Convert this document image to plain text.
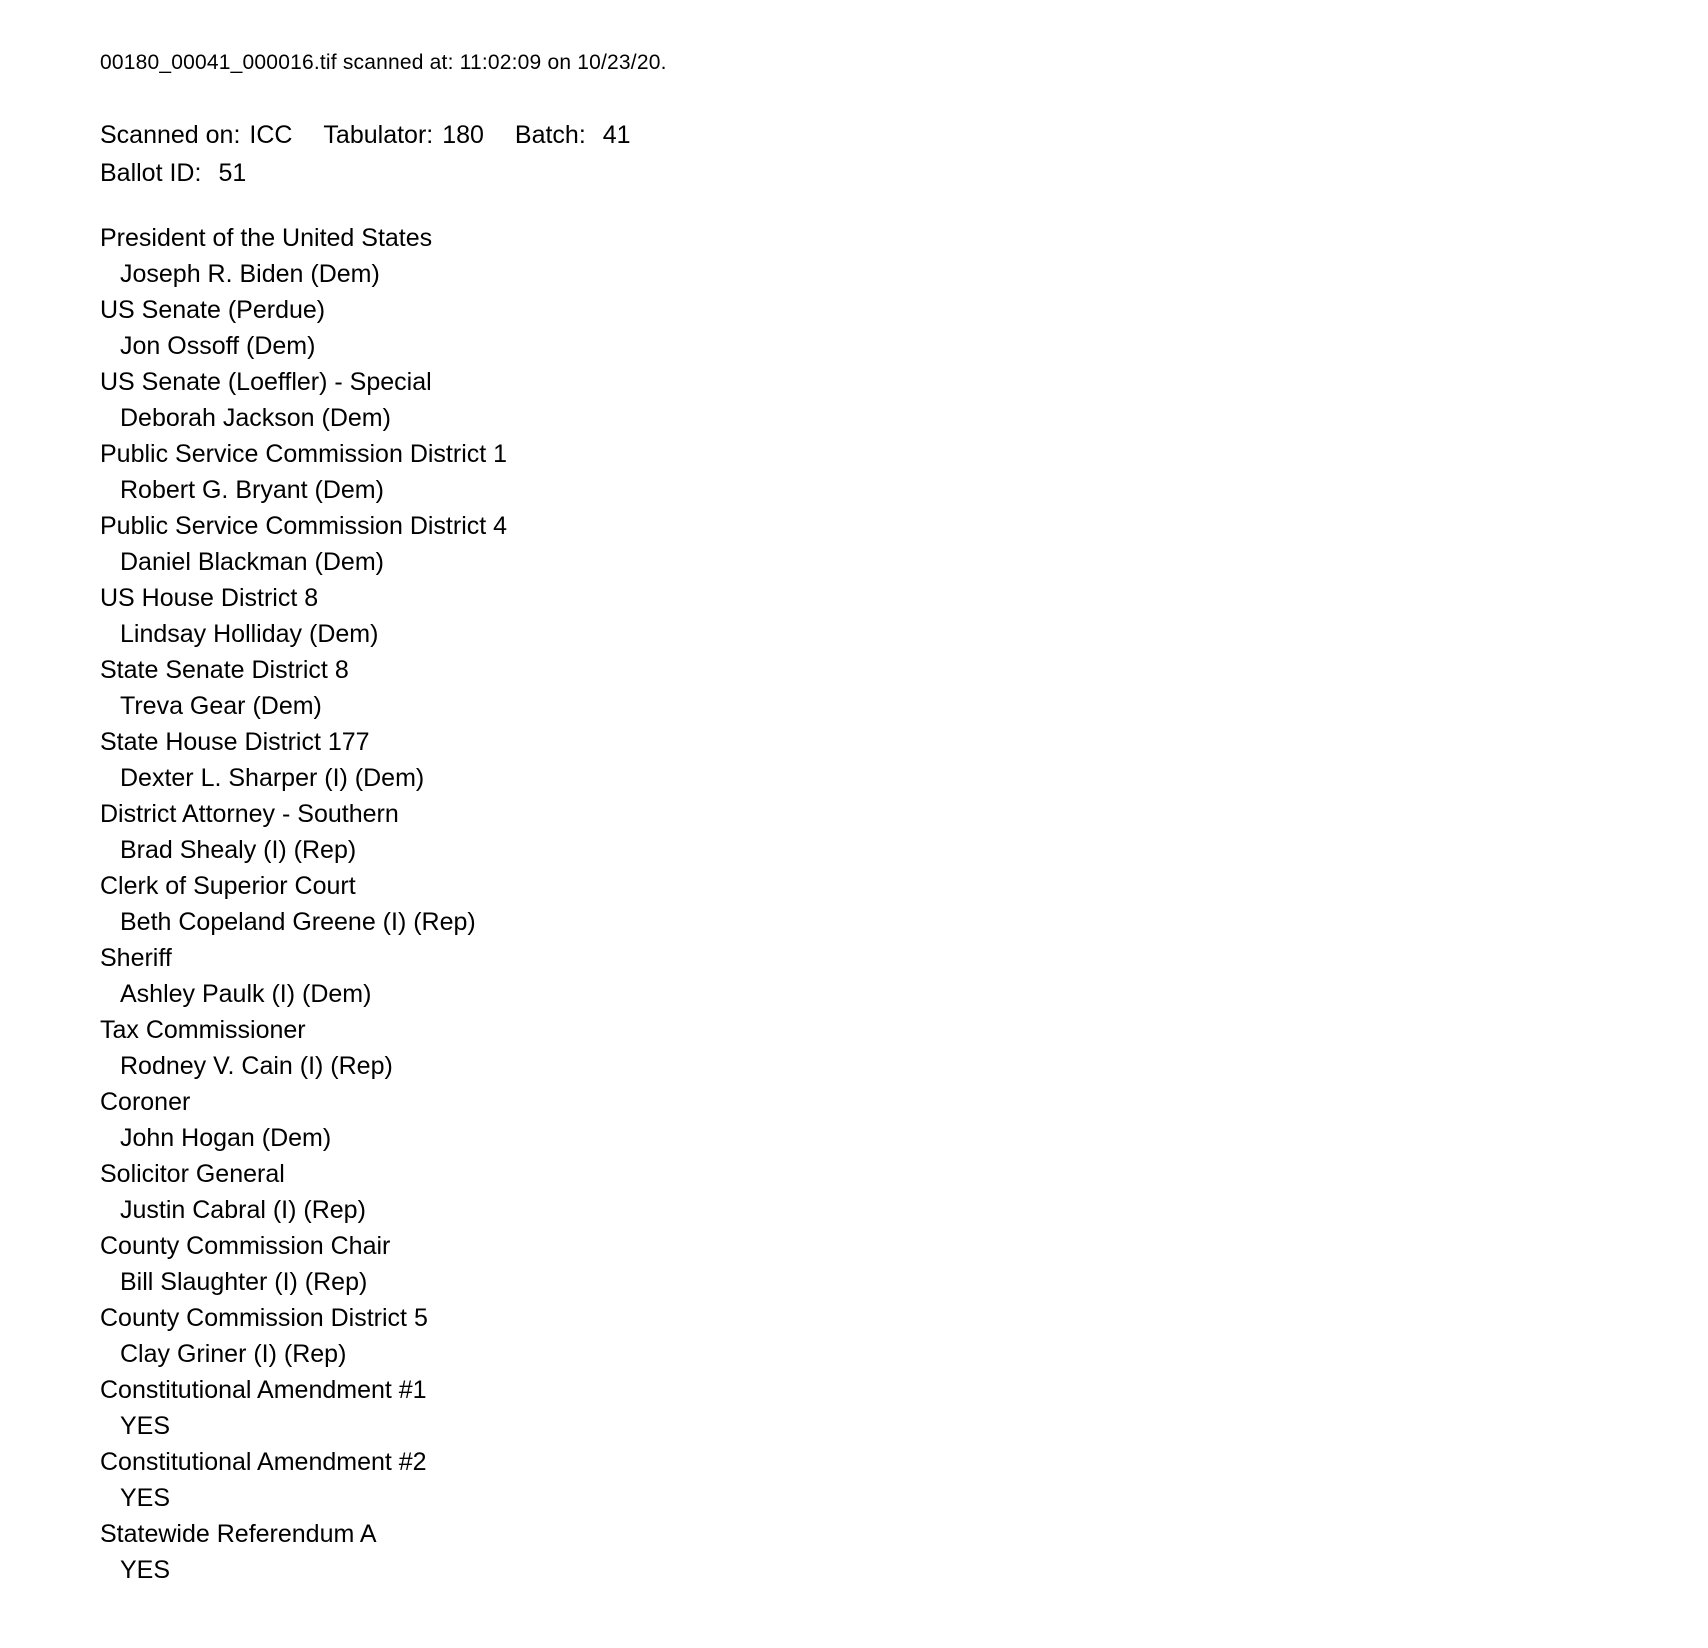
00180_00041_000016.tif scanned at: 11:02:09 on 10/23/20.
Scanned on: ICC Tabulator: 180 Batch: 41
Ballot ID: 51
President of the United States
Joseph R. Biden (Dem)
US Senate (Perdue)
Jon Ossoff (Dem)
US Senate (Loeffler) - Special
Deborah Jackson (Dem)
Public Service Commission District 1
Robert G. Bryant (Dem)
Public Service Commission District 4
Daniel Blackman (Dem)
US House District 8
Lindsay Holliday (Dem)
State Senate District 8
Treva Gear (Dem)
State House District 177
Dexter L. Sharper (I) (Dem)
District Attorney - Southern
Brad Shealy (I) (Rep)
Clerk of Superior Court
Beth Copeland Greene (I) (Rep)
Sheriff
Ashley Paulk (I) (Dem)
Tax Commissioner
Rodney V. Cain (I) (Rep)
Coroner
John Hogan (Dem)
Solicitor General
Justin Cabral (I) (Rep)
County Commission Chair
Bill Slaughter (I) (Rep)
County Commission District 5
Clay Griner (I) (Rep)
Constitutional Amendment #1
YES
Constitutional Amendment #2
YES
Statewide Referendum A
YES
